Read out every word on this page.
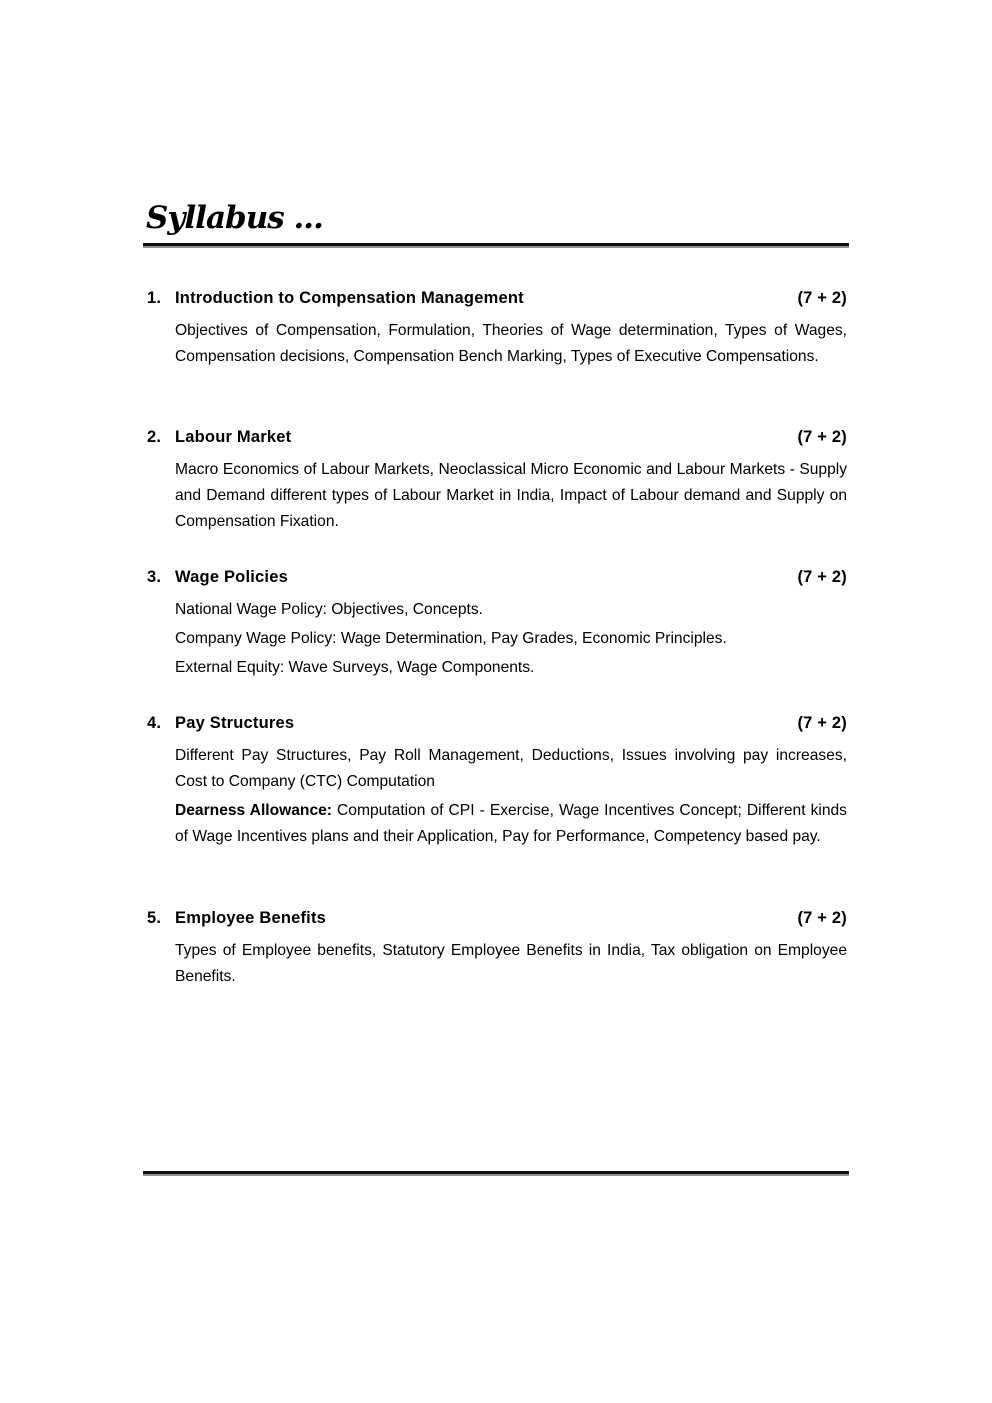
Syllabus ...
1. Introduction to Compensation Management	(7 + 2)

Objectives of Compensation, Formulation, Theories of Wage determination, Types of Wages, Compensation decisions, Compensation Bench Marking, Types of Executive Compensations.

2. Labour Market	(7 + 2)

Macro Economics of Labour Markets, Neoclassical Micro Economic and Labour Markets - Supply and Demand different types of Labour Market in India, Impact of Labour demand and Supply on Compensation Fixation.

3. Wage Policies	(7 + 2)

National Wage Policy: Objectives, Concepts.

Company Wage Policy: Wage Determination, Pay Grades, Economic Principles.

External Equity: Wave Surveys, Wage Components.

4. Pay Structures	(7 + 2)

Different Pay Structures, Pay Roll Management, Deductions, Issues involving pay increases, Cost to Company (CTC) Computation

Dearness Allowance: Computation of CPI - Exercise, Wage Incentives Concept; Different kinds of Wage Incentives plans and their Application, Pay for Performance, Competency based pay.

5. Employee Benefits	(7 + 2)

Types of Employee benefits, Statutory Employee Benefits in India, Tax obligation on Employee Benefits.
